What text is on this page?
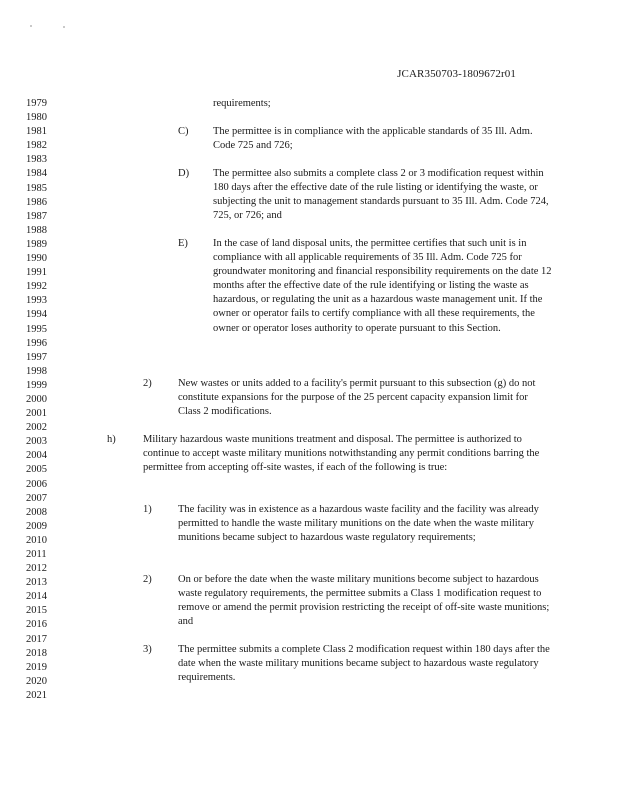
JCAR350703-1809672r01
1979
1980
1981
1982
1983
1984
1985
1986
1987
1988
1989
1990
1991
1992
1993
1994
1995
1996
1997
1998
1999
2000
2001
2002
2003
2004
2005
2006
2007
2008
2009
2010
2011
2012
2013
2014
2015
2016
2017
2018
2019
2020
2021
requirements;
C) The permittee is in compliance with the applicable standards of 35 Ill. Adm. Code 725 and 726;
D) The permittee also submits a complete class 2 or 3 modification request within 180 days after the effective date of the rule listing or identifying the waste, or subjecting the unit to management standards pursuant to 35 Ill. Adm. Code 724, 725, or 726; and
E) In the case of land disposal units, the permittee certifies that such unit is in compliance with all applicable requirements of 35 Ill. Adm. Code 725 for groundwater monitoring and financial responsibility requirements on the date 12 months after the effective date of the rule identifying or listing the waste as hazardous, or regulating the unit as a hazardous waste management unit. If the owner or operator fails to certify compliance with all these requirements, the owner or operator loses authority to operate pursuant to this Section.
2)	New wastes or units added to a facility's permit pursuant to this subsection (g) do not constitute expansions for the purpose of the 25 percent capacity expansion limit for Class 2 modifications.
h)	Military hazardous waste munitions treatment and disposal. The permittee is authorized to continue to accept waste military munitions notwithstanding any permit conditions barring the permittee from accepting off-site wastes, if each of the following is true:
1)	The facility was in existence as a hazardous waste facility and the facility was already permitted to handle the waste military munitions on the date when the waste military munitions became subject to hazardous waste regulatory requirements;
2)	On or before the date when the waste military munitions become subject to hazardous waste regulatory requirements, the permittee submits a Class 1 modification request to remove or amend the permit provision restricting the receipt of off-site waste munitions; and
3)	The permittee submits a complete Class 2 modification request within 180 days after the date when the waste military munitions became subject to hazardous waste regulatory requirements.
